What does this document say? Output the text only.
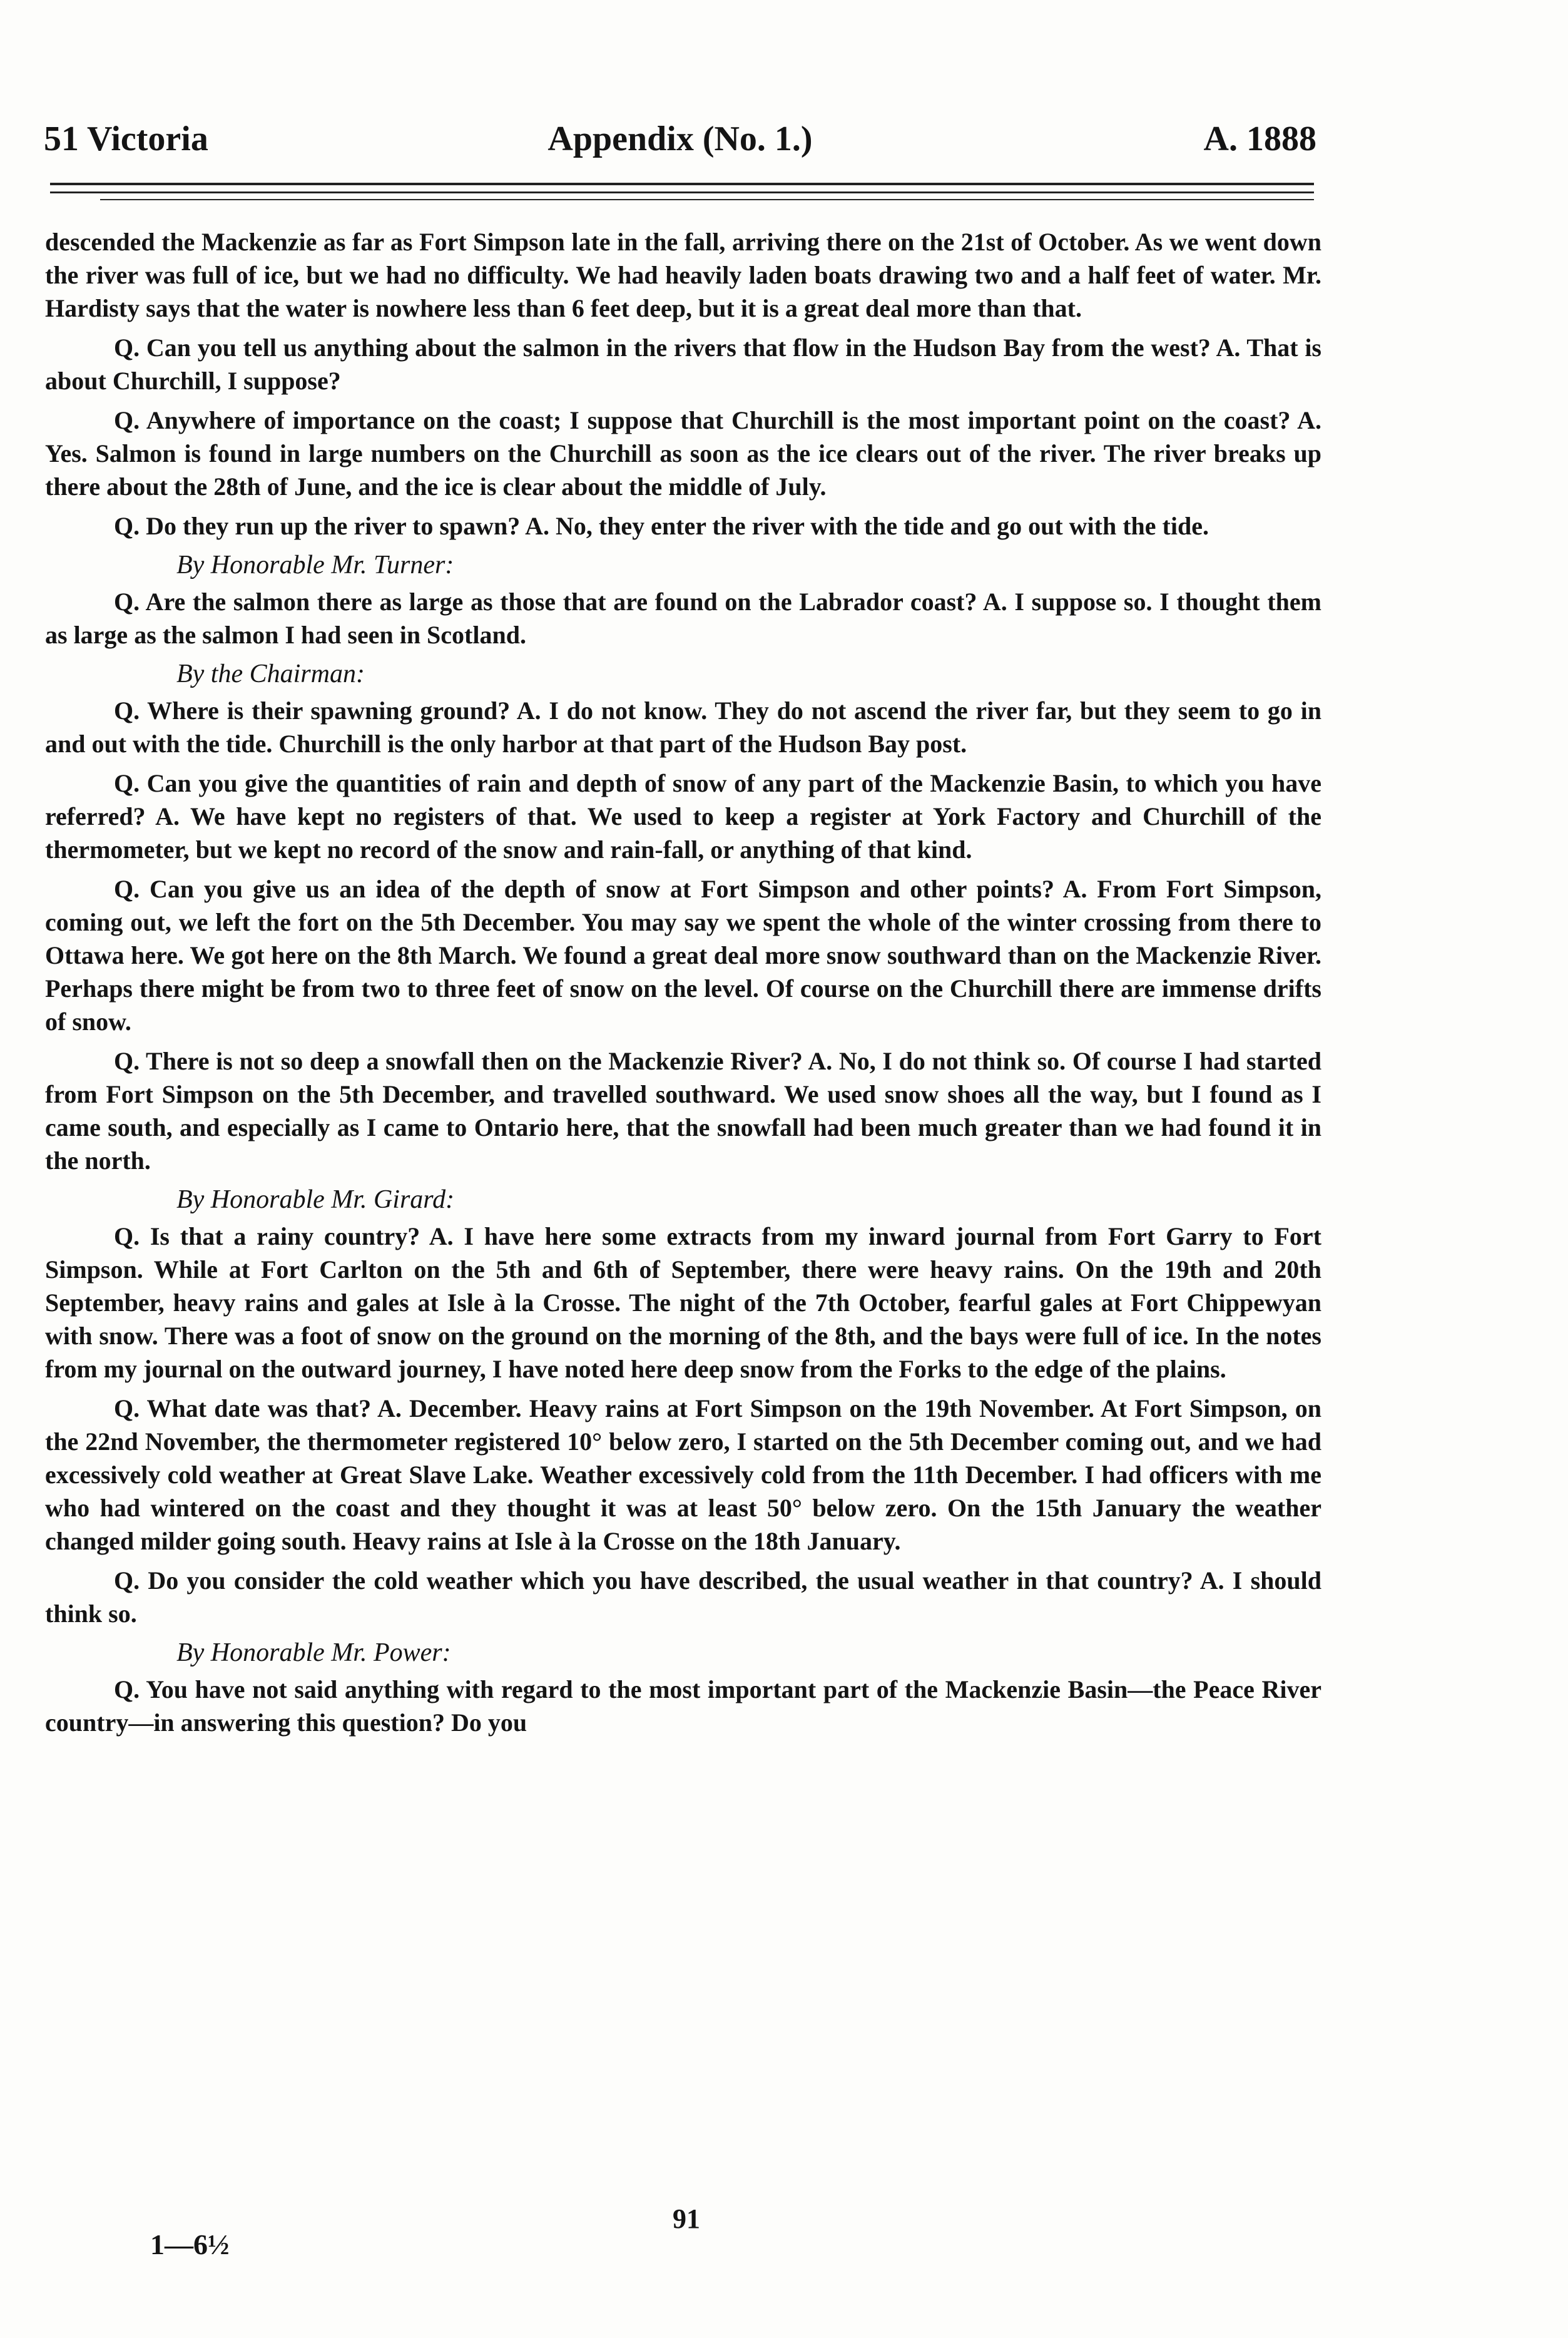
51 Victoria	Appendix (No. 1.)	A. 1888

descended the Mackenzie as far as Fort Simpson late in the fall, arriving there on the 21st of October. As we went down the river was full of ice, but we had no difficulty. We had heavily laden boats drawing two and a half feet of water. Mr. Hardisty says that the water is nowhere less than 6 feet deep, but it is a great deal more than that.

Q. Can you tell us anything about the salmon in the rivers that flow in the Hudson Bay from the west? A. That is about Churchill, I suppose?

Q. Anywhere of importance on the coast; I suppose that Churchill is the most important point on the coast? A. Yes. Salmon is found in large numbers on the Churchill as soon as the ice clears out of the river. The river breaks up there about the 28th of June, and the ice is clear about the middle of July.

Q. Do they run up the river to spawn? A. No, they enter the river with the tide and go out with the tide.

By Honorable Mr. Turner:

Q. Are the salmon there as large as those that are found on the Labrador coast? A. I suppose so. I thought them as large as the salmon I had seen in Scotland.

By the Chairman:

Q. Where is their spawning ground? A. I do not know. They do not ascend the river far, but they seem to go in and out with the tide. Churchill is the only harbor at that part of the Hudson Bay post.

Q. Can you give the quantities of rain and depth of snow of any part of the Mackenzie Basin, to which you have referred? A. We have kept no registers of that. We used to keep a register at York Factory and Churchill of the thermometer, but we kept no record of the snow and rain-fall, or anything of that kind.

Q. Can you give us an idea of the depth of snow at Fort Simpson and other points? A. From Fort Simpson, coming out, we left the fort on the 5th December. You may say we spent the whole of the winter crossing from there to Ottawa here. We got here on the 8th March. We found a great deal more snow southward than on the Mackenzie River. Perhaps there might be from two to three feet of snow on the level. Of course on the Churchill there are immense drifts of snow.

Q. There is not so deep a snowfall then on the Mackenzie River? A. No, I do not think so. Of course I had started from Fort Simpson on the 5th December, and travelled southward. We used snow shoes all the way, but I found as I came south, and especially as I came to Ontario here, that the snowfall had been much greater than we had found it in the north.

By Honorable Mr. Girard:

Q. Is that a rainy country? A. I have here some extracts from my inward journal from Fort Garry to Fort Simpson. While at Fort Carlton on the 5th and 6th of September, there were heavy rains. On the 19th and 20th September, heavy rains and gales at Isle à la Crosse. The night of the 7th October, fearful gales at Fort Chippewyan with snow. There was a foot of snow on the ground on the morning of the 8th, and the bays were full of ice. In the notes from my journal on the outward journey, I have noted here deep snow from the Forks to the edge of the plains.

Q. What date was that? A. December. Heavy rains at Fort Simpson on the 19th November. At Fort Simpson, on the 22nd November, the thermometer registered 10° below zero, I started on the 5th December coming out, and we had excessively cold weather at Great Slave Lake. Weather excessively cold from the 11th December. I had officers with me who had wintered on the coast and they thought it was at least 50° below zero. On the 15th January the weather changed milder going south. Heavy rains at Isle à la Crosse on the 18th January.

Q. Do you consider the cold weather which you have described, the usual weather in that country? A. I should think so.

By Honorable Mr. Power:

Q. You have not said anything with regard to the most important part of the Mackenzie Basin—the Peace River country—in answering this question? Do you

91
1—6½
